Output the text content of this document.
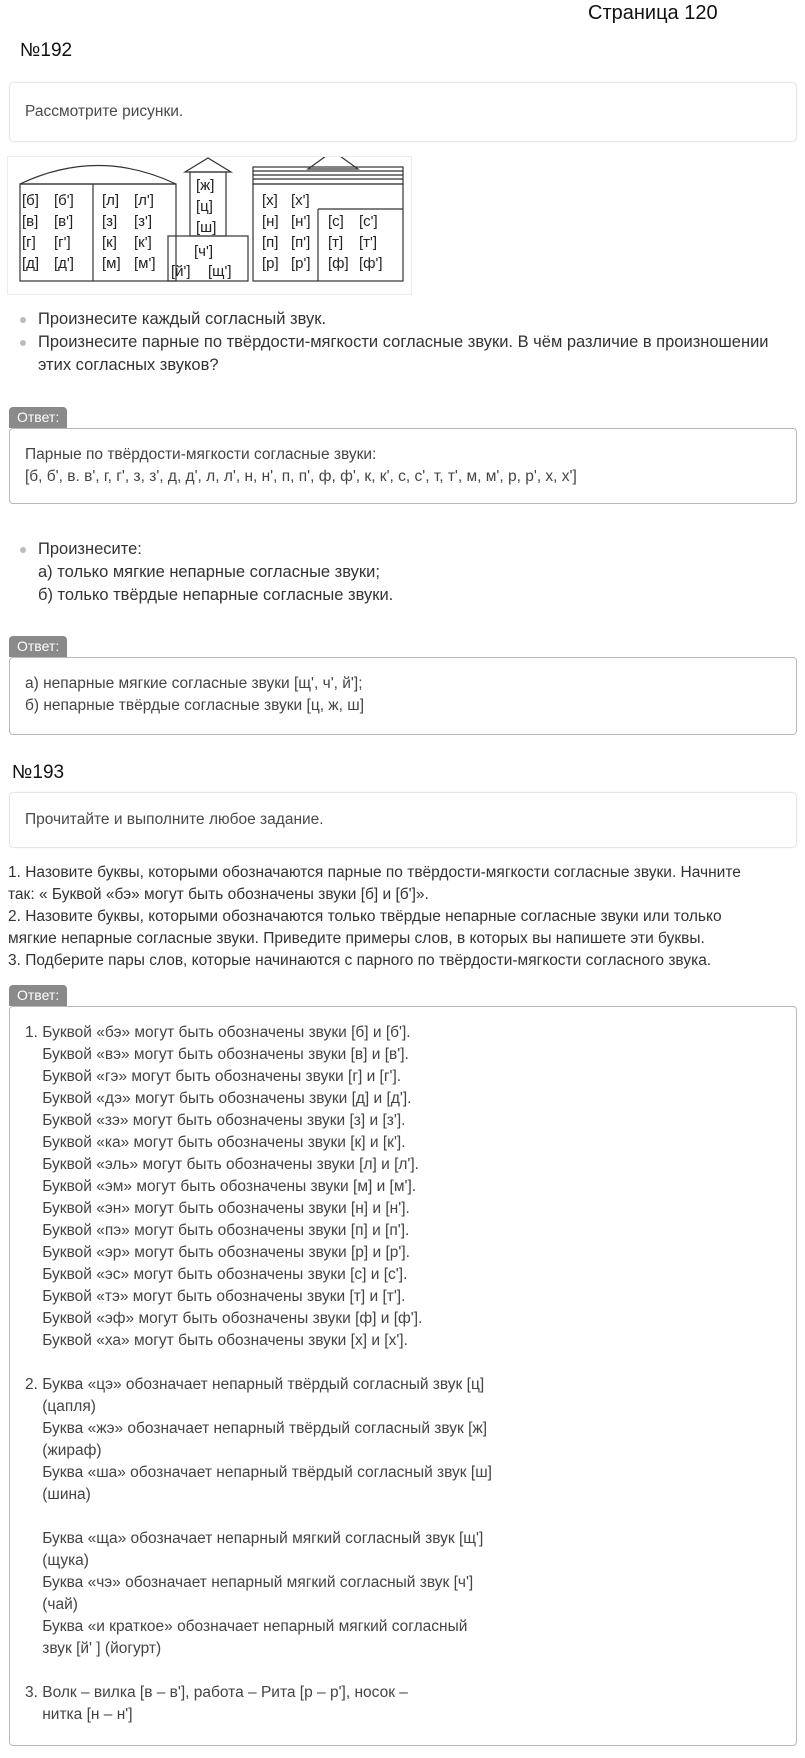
Страница 120
№192
Рассмотрите рисунки.
[б] [б'] [л] [л']
[в] [в'] [з] [з']
[г] [г'] [к] [к']
[д] [д'] [м] [м']
[ж]
[ц]
[ш]
[ч']
[й'] [щ']
[х] [х']
[н] [н'] [с] [с']
[п] [п'] [т] [т']
[р] [р'] [ф] [ф']
Произнесите каждый согласный звук.
Произнесите парные по твёрдости-мягкости согласные звуки. В чём различие в произношении
этих согласных звуков?
Ответ:
Парные по твёрдости-мягкости согласные звуки:
[б, б', в. в', г, г', з, з', д, д', л, л', н, н', п, п', ф, ф', к, к', с, с', т, т', м, м', р, р', х, х']
Произнесите:
а) только мягкие непарные согласные звуки;
б) только твёрдые непарные согласные звуки.
Ответ:
а) непарные мягкие согласные звуки [щ', ч', й'];
б) непарные твёрдые согласные звуки [ц, ж, ш]
№193
Прочитайте и выполните любое задание.
1. Назовите буквы, которыми обозначаются парные по твёрдости-мягкости согласные звуки. Начните
так: « Буквой «бэ» могут быть обозначены звуки [б] и [б']».
2. Назовите буквы, которыми обозначаются только твёрдые непарные согласные звуки или только
мягкие непарные согласные звуки. Приведите примеры слов, в которых вы напишете эти буквы.
3. Подберите пары слов, которые начинаются с парного по твёрдости-мягкости согласного звука.
Ответ:
1. Буквой «бэ» могут быть обозначены звуки [б] и [б'].
Буквой «вэ» могут быть обозначены звуки [в] и [в'].
Буквой «гэ» могут быть обозначены звуки [г] и [г'].
Буквой «дэ» могут быть обозначены звуки [д] и [д'].
Буквой «зэ» могут быть обозначены звуки [з] и [з'].
Буквой «ка» могут быть обозначены звуки [к] и [к'].
Буквой «эль» могут быть обозначены звуки [л] и [л'].
Буквой «эм» могут быть обозначены звуки [м] и [м'].
Буквой «эн» могут быть обозначены звуки [н] и [н'].
Буквой «пэ» могут быть обозначены звуки [п] и [п'].
Буквой «эр» могут быть обозначены звуки [р] и [р'].
Буквой «эс» могут быть обозначены звуки [с] и [с'].
Буквой «тэ» могут быть обозначены звуки [т] и [т'].
Буквой «эф» могут быть обозначены звуки [ф] и [ф'].
Буквой «ха» могут быть обозначены звуки [х] и [х'].
2. Буква «цэ» обозначает непарный твёрдый согласный звук [ц]
(цапля)
Буква «жэ» обозначает непарный твёрдый согласный звук [ж]
(жираф)
Буква «ша» обозначает непарный твёрдый согласный звук [ш]
(шина)
Буква «ща» обозначает непарный мягкий согласный звук [щ']
(щука)
Буква «чэ» обозначает непарный мягкий согласный звук [ч']
(чай)
Буква «и краткое» обозначает непарный мягкий согласный
звук [й' ] (йогурт)
3. Волк – вилка [в – в'], работа – Рита [р – р'], носок –
нитка [н – н']
